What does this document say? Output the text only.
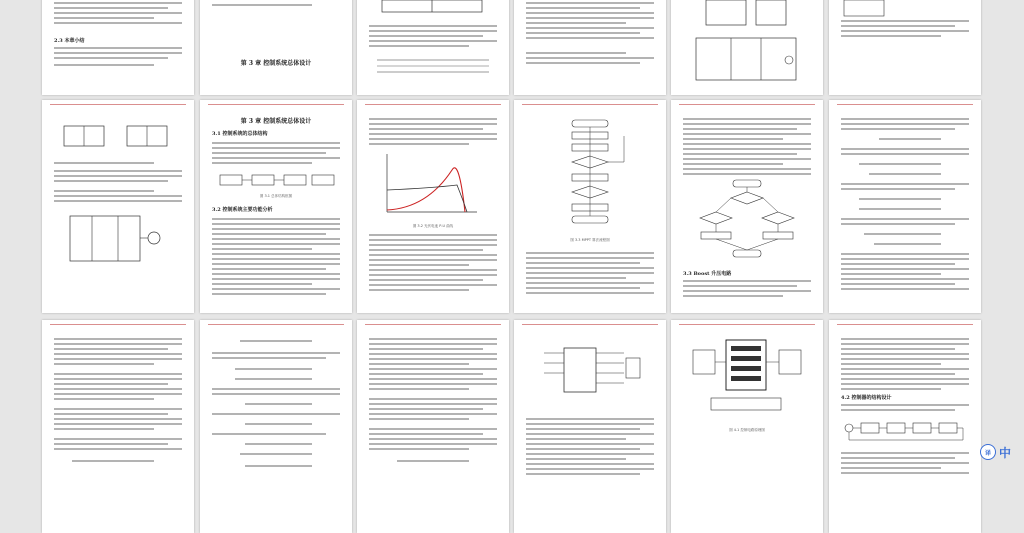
2.3 本章小结
第 3 章 控制系统总体设计

第 3 章 控制系统总体设计
3.1 控制系统的总体结构
图 3.1 总体结构框图
3.2 控制系统主要功能分析
图 3.2 光伏电池 P-U 曲线
图 3.3 MPPT 算法流程图

3.3 Boost 升压电路

图 4.1 控制电路原理图
4.2 控制器的结构设计
译 中
